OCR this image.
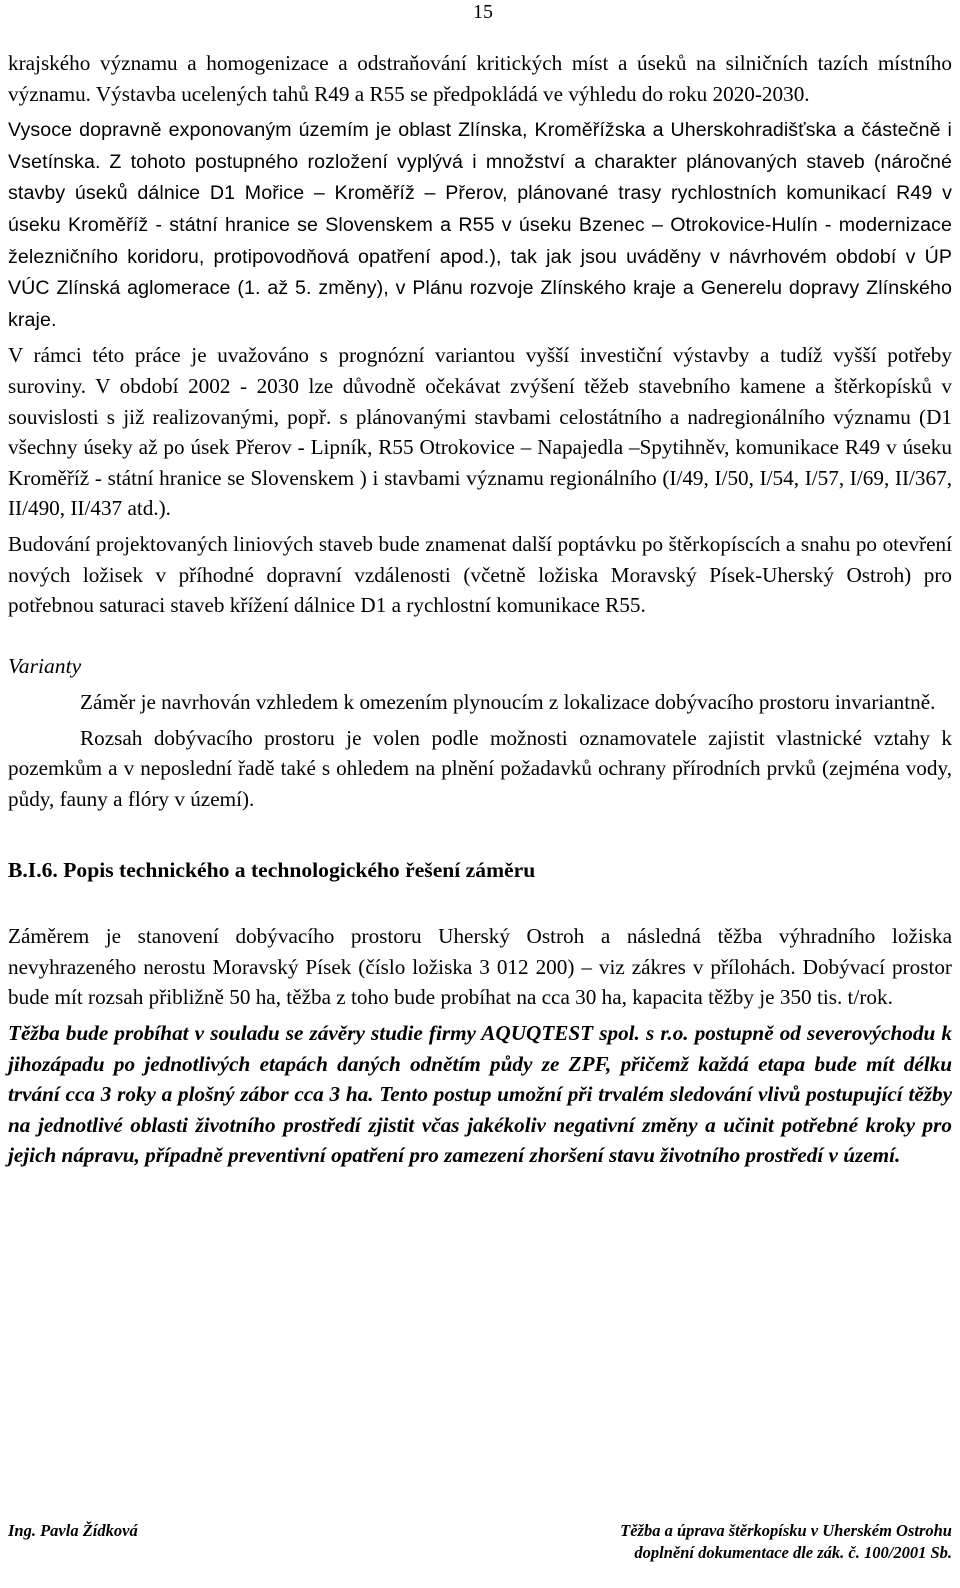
15

krajského významu a homogenizace a odstraňování kritických míst a úseků na silničních tazích místního významu. Výstavba ucelených tahů R49 a R55 se předpokládá ve výhledu do roku 2020-2030.

Vysoce dopravně exponovaným územím je oblast Zlínska, Kroměřížska a Uherskohradišťska a částečně i Vsetínska. Z tohoto postupného rozložení vyplývá i množství a charakter plánovaných staveb (náročné stavby úseků dálnice D1 Mořice – Kroměříž – Přerov, plánované trasy rychlostních komunikací R49 v úseku Kroměříž - státní hranice se Slovenskem a R55 v úseku Bzenec – Otrokovice-Hulín - modernizace železničního koridoru, protipovodňová opatření apod.), tak jak jsou uváděny v návrhovém období v ÚP VÚC Zlínská aglomerace (1. až 5. změny), v Plánu rozvoje Zlínského kraje a Generelu dopravy Zlínského kraje.

V rámci této práce je uvažováno s prognózní variantou vyšší investiční výstavby a tudíž vyšší potřeby suroviny. V období 2002 - 2030 lze důvodně očekávat zvýšení těžeb stavebního kamene a štěrkopísků v souvislosti s již realizovanými, popř. s plánovanými stavbami celostátního a nadregionálního významu (D1 všechny úseky až po úsek Přerov - Lipník, R55 Otrokovice – Napajedla –Spytihněv, komunikace R49 v úseku Kroměříž - státní hranice se Slovenskem ) i stavbami významu regionálního (I/49, I/50, I/54, I/57, I/69, II/367, II/490, II/437 atd.).

Budování projektovaných liniových staveb bude znamenat další poptávku po štěrkopíscích a snahu po otevření nových ložisek v příhodné dopravní vzdálenosti (včetně ložiska Moravský Písek-Uherský Ostroh) pro potřebnou saturaci staveb křížení dálnice D1 a rychlostní komunikace R55.

Varianty

Záměr je navrhován vzhledem k omezením plynoucím z lokalizace dobývacího prostoru invariantně.

Rozsah dobývacího prostoru je volen podle možnosti oznamovatele zajistit vlastnické vztahy k pozemkům a v neposlední řadě také s ohledem na plnění požadavků ochrany přírodních prvků (zejména vody, půdy, fauny a flóry v území).

B.I.6. Popis technického a technologického řešení záměru

Záměrem je stanovení dobývacího prostoru Uherský Ostroh a následná těžba výhradního ložiska nevyhrazeného nerostu Moravský Písek (číslo ložiska 3 012 200) – viz zákres v přílohách. Dobývací prostor bude mít rozsah přibližně 50 ha, těžba z toho bude probíhat na cca 30 ha, kapacita těžby je 350 tis. t/rok.

Těžba bude probíhat v souladu se závěry studie firmy AQUQTEST spol. s r.o. postupně od severovýchodu k jihozápadu po jednotlivých etapách daných odnětím půdy ze ZPF, přičemž každá etapa bude mít délku trvání cca 3 roky a plošný zábor cca 3 ha. Tento postup umožní při trvalém sledování vlivů postupující těžby na jednotlivé oblasti životního prostředí zjistit včas jakékoliv negativní změny a učinit potřebné kroky pro jejich nápravu, případně preventivní opatření pro zamezení zhoršení stavu životního prostředí v území.

Ing. Pavla Žídková	Těžba a úprava štěrkopísku v Uherském Ostrohu
doplnění dokumentace dle zák. č. 100/2001 Sb.
